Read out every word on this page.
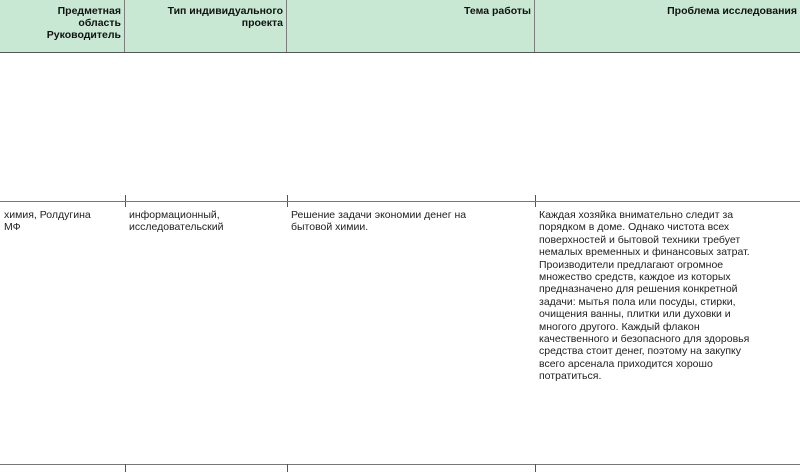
Предметная
область
Руководитель
Тип индивидуального
проекта
Тема работы	Проблема исследования
химия, Ролдугина
МФ
информационный,
исследовательский
Решение задачи экономии денег на
бытовой химии.
Каждая хозяйка внимательно следит за
порядком в доме. Однако чистота всех
поверхностей и бытовой техники требует
немалых временных и финансовых затрат.
Производители предлагают огромное
множество средств, каждое из которых
предназначено для решения конкретной
задачи: мытья пола или посуды, стирки,
очищения ванны, плитки или духовки и
многого другого. Каждый флакон
качественного и безопасного для здоровья
средства стоит денег, поэтому на закупку
всего арсенала приходится хорошо
потратиться.
